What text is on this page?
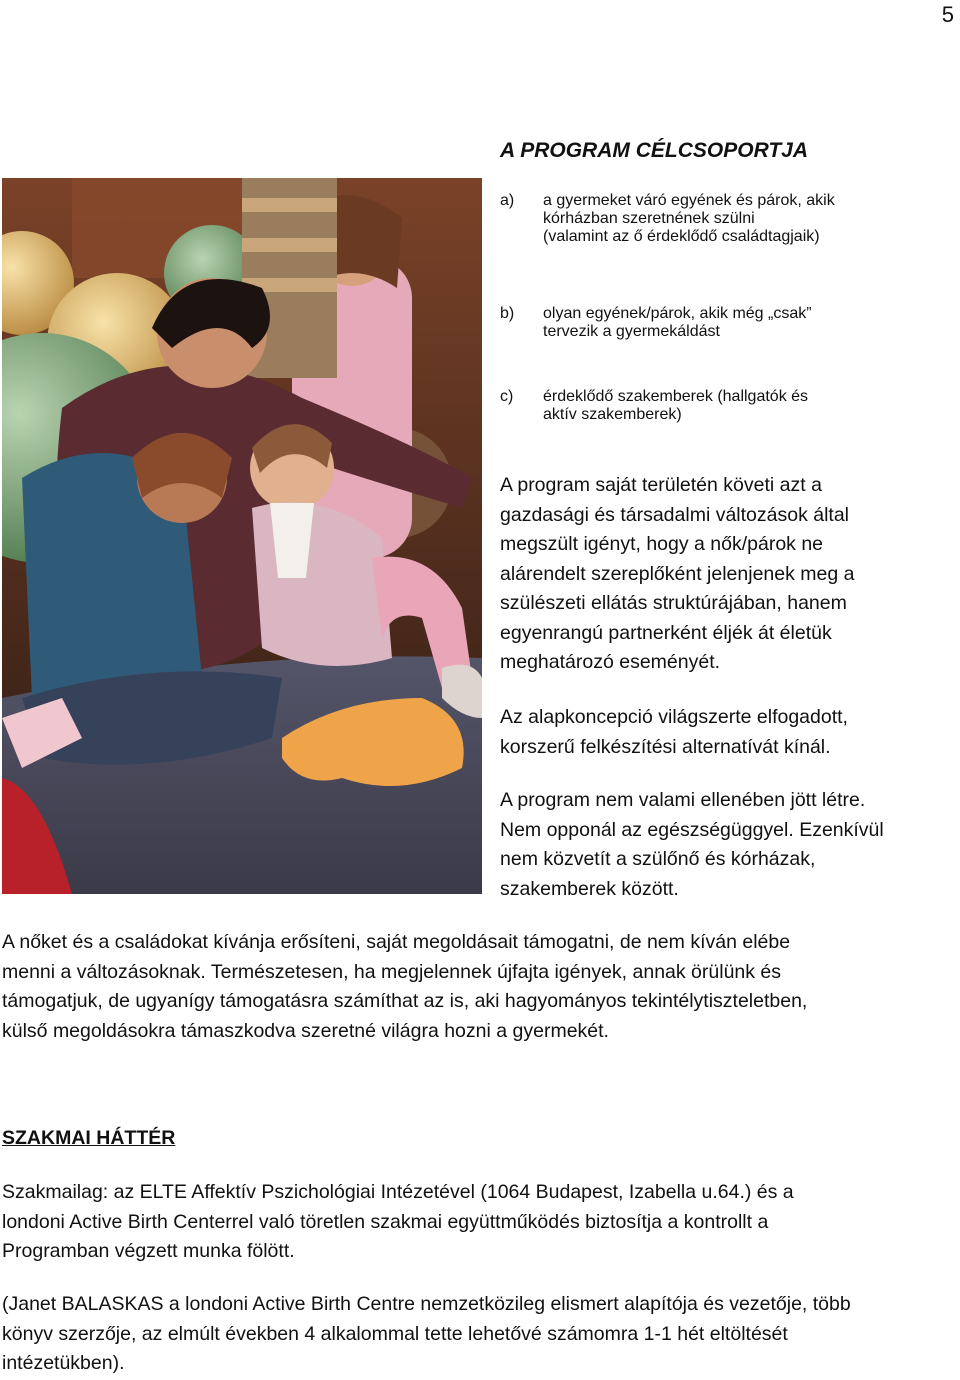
5
A PROGRAM CÉLCSOPORTJA
a) a gyermeket váró egyének és párok, akik
kórházban szeretnének szülni
(valamint az ő érdeklődő családtagjaik)
b) olyan egyének/párok, akik még „csak”
tervezik a gyermekáldást
c) érdeklődő szakemberek (hallgatók és
aktív szakemberek)
A program saját területén követi azt a
gazdasági és társadalmi változások által
megszült igényt, hogy a nők/párok ne
alárendelt szereplőként jelenjenek meg a
szülészeti ellátás struktúrájában, hanem
egyenrangú partnerként éljék át életük
meghatározó eseményét.
Az alapkoncepció világszerte elfogadott,
korszerű felkészítési alternatívát kínál.
A program nem valami ellenében jött létre.
Nem opponál az egészségüggyel. Ezenkívül
nem közvetít a szülőnő és kórházak,
szakemberek között.
A nőket és a családokat kívánja erősíteni, saját megoldásait támogatni, de nem kíván elébe
menni a változásoknak. Természetesen, ha megjelennek újfajta igények, annak örülünk és
támogatjuk, de ugyanígy támogatásra számíthat az is, aki hagyományos tekintélytiszteletben,
külső megoldásokra támaszkodva szeretné világra hozni a gyermekét.
SZAKMAI HÁTTÉR
Szakmailag: az ELTE Affektív Pszichológiai Intézetével (1064 Budapest, Izabella u.64.) és a
londoni Active Birth Centerrel való töretlen szakmai együttműködés biztosítja a kontrollt a
Programban végzett munka fölött.
(Janet BALASKAS a londoni Active Birth Centre nemzetközileg elismert alapítója és vezetője, több
könyv szerzője, az elmúlt években 4 alkalommal tette lehetővé számomra 1-1 hét eltöltését
intézetükben).
